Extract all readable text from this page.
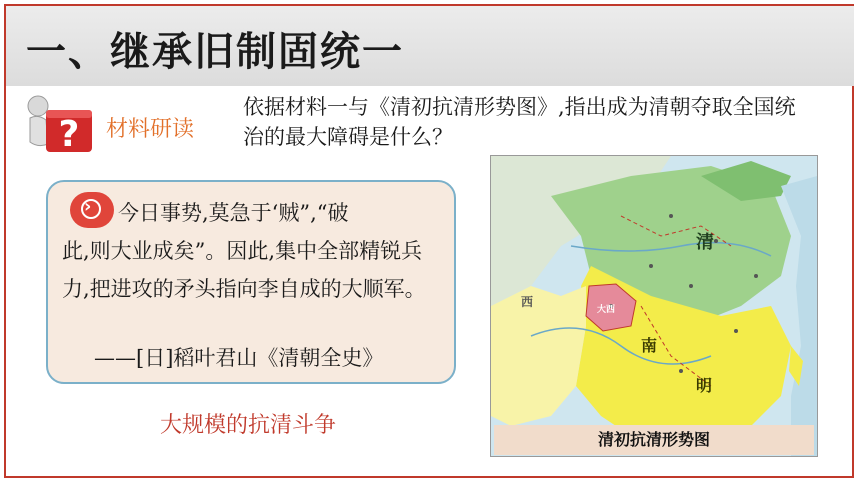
一、继承旧制固统一
? 材料研读
依据材料一与《清初抗清形势图》,指出成为清朝夺取全国统治的最大障碍是什么？
›	今日事势,莫急于‘贼”,“破
此,则大业成矣”。因此,集中全部精锐兵力,把进攻的矛头指向李自成的大顺军。
——[日]稻叶君山《清朝全史》
大规模的抗清斗争
清
南
明
大西
西
清初抗清形势图
